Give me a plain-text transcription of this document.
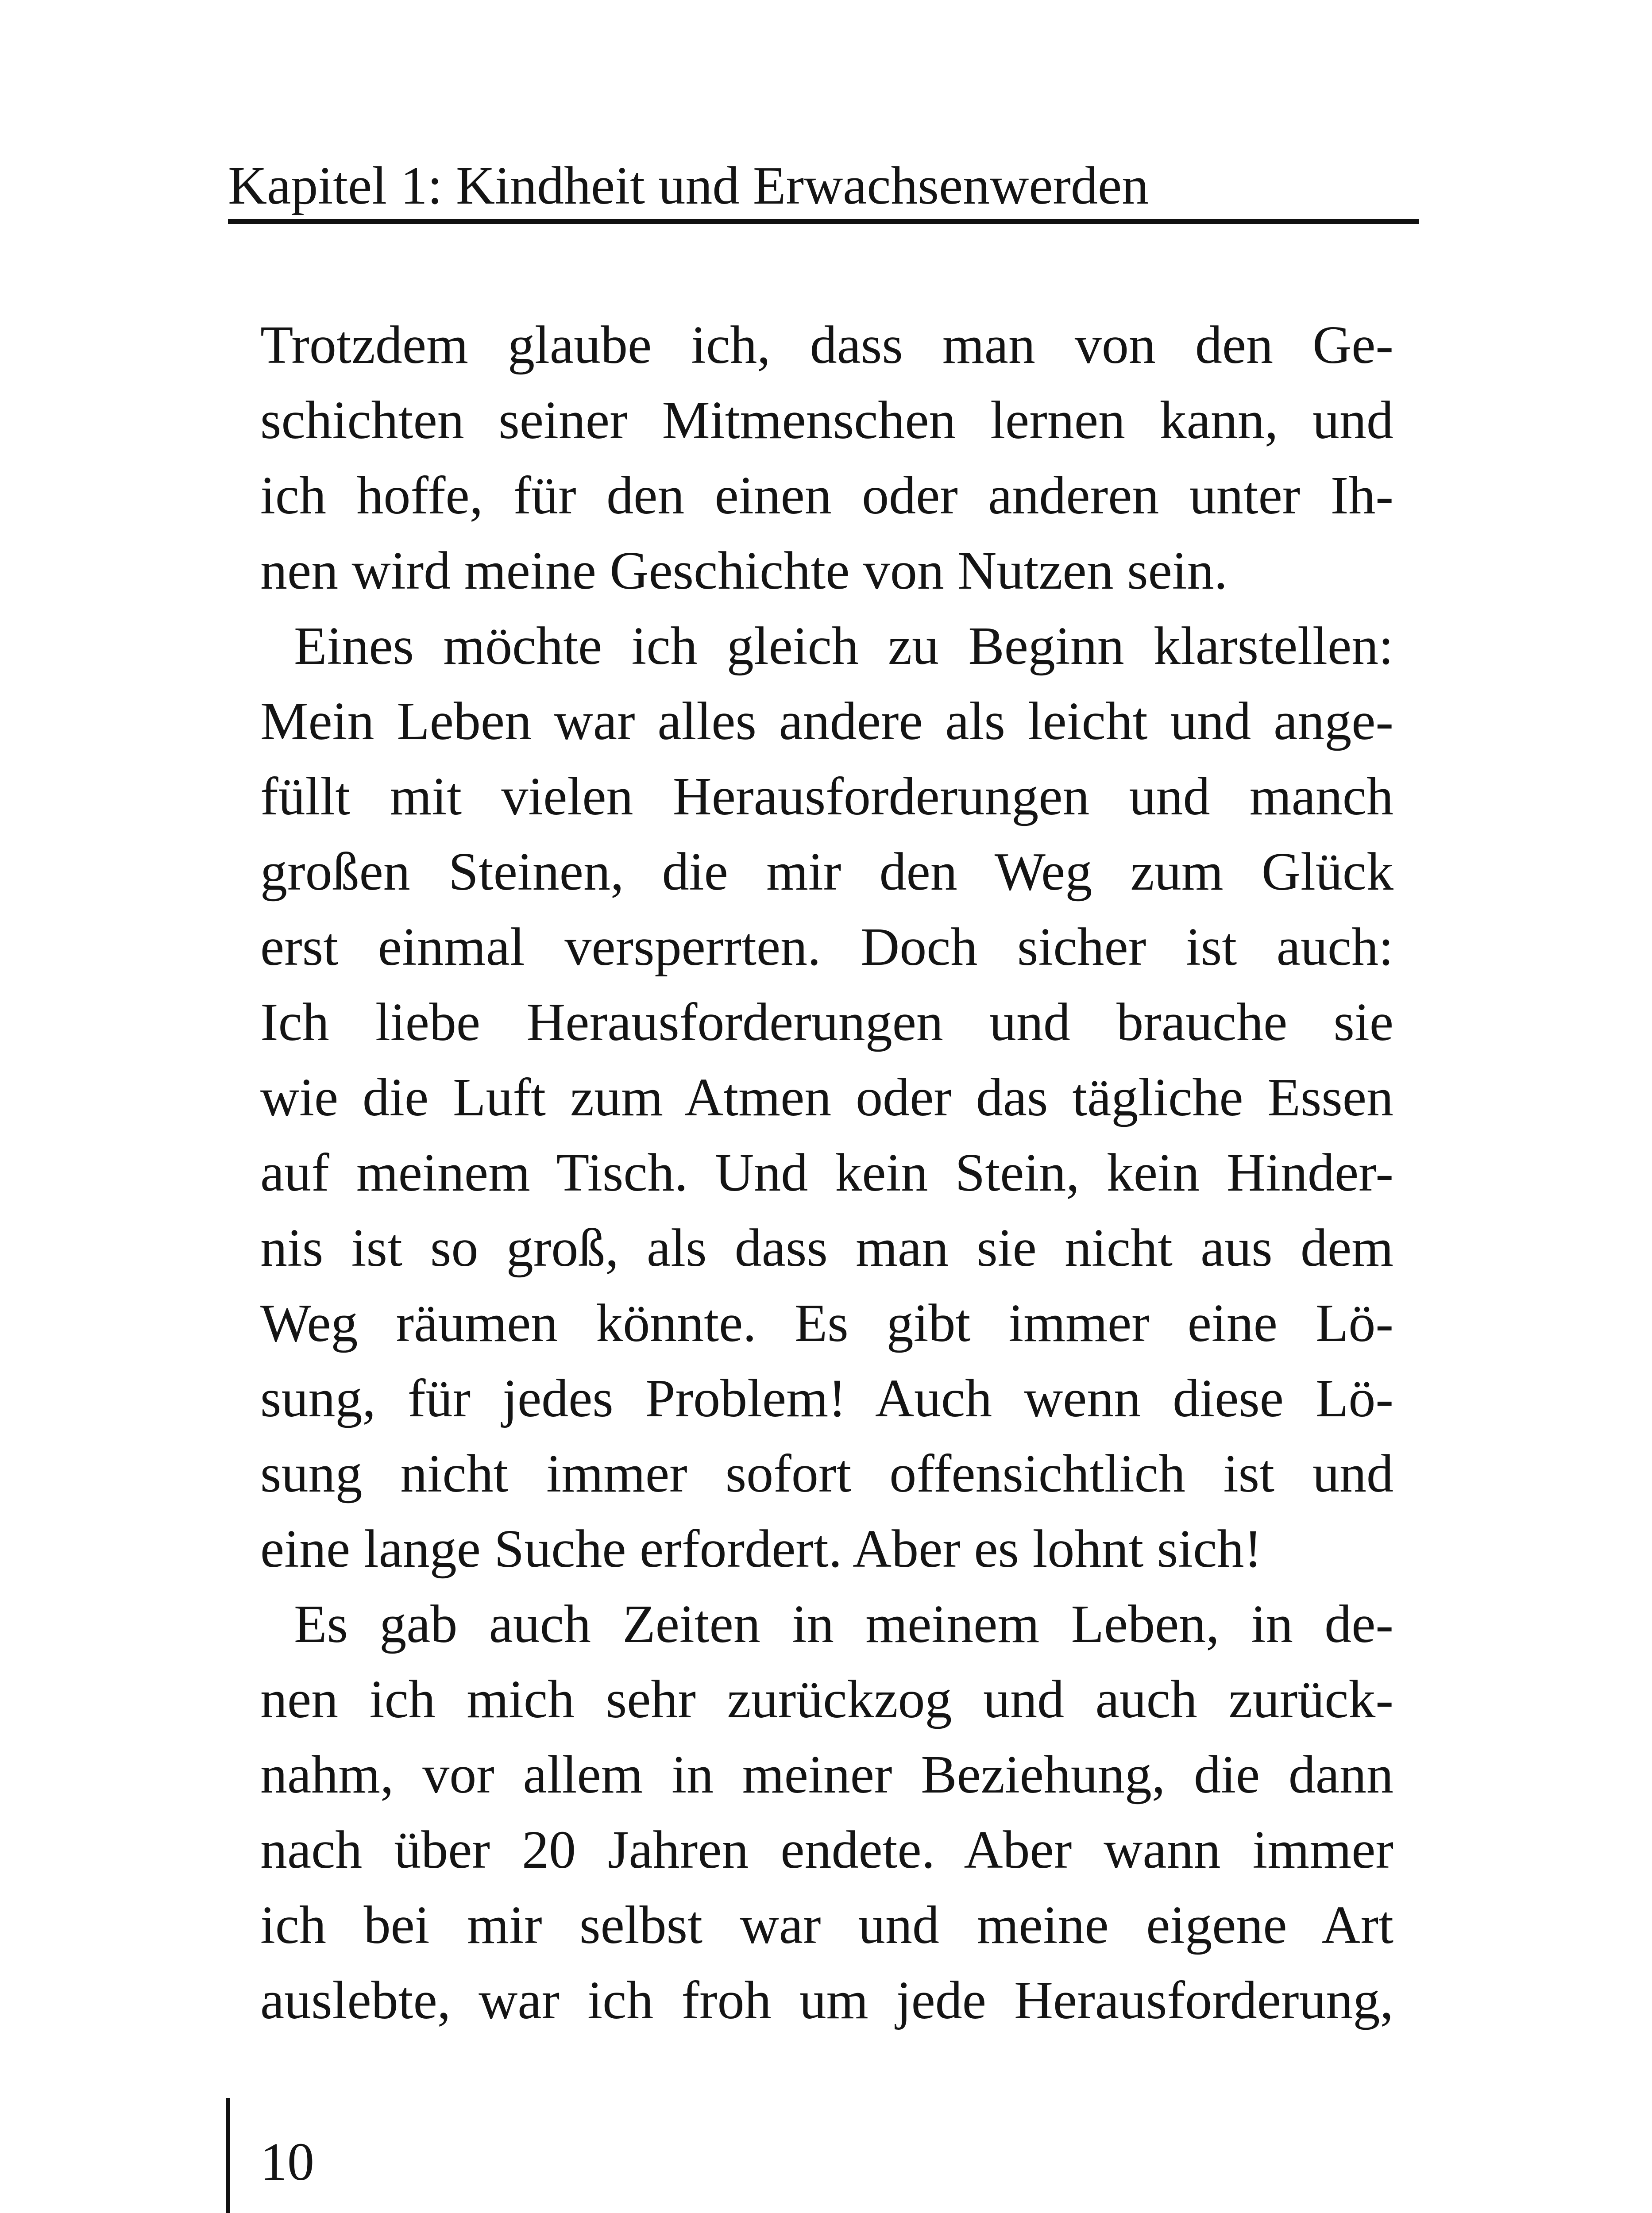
Kapitel 1: Kindheit und Erwachsenwerden
Trotzdem glaube ich, dass man von den Ge-
schichten seiner Mitmenschen lernen kann, und
ich hoffe, für den einen oder anderen unter Ih-
nen wird meine Geschichte von Nutzen sein.
Eines möchte ich gleich zu Beginn klarstellen:
Mein Leben war alles andere als leicht und ange-
füllt mit vielen Herausforderungen und manch
großen Steinen, die mir den Weg zum Glück
erst einmal versperrten. Doch sicher ist auch:
Ich liebe Herausforderungen und brauche sie
wie die Luft zum Atmen oder das tägliche Essen
auf meinem Tisch. Und kein Stein, kein Hinder-
nis ist so groß, als dass man sie nicht aus dem
Weg räumen könnte. Es gibt immer eine Lö-
sung, für jedes Problem! Auch wenn diese Lö-
sung nicht immer sofort offensichtlich ist und
eine lange Suche erfordert. Aber es lohnt sich!
Es gab auch Zeiten in meinem Leben, in de-
nen ich mich sehr zurückzog und auch zurück-
nahm, vor allem in meiner Beziehung, die dann
nach über 20 Jahren endete. Aber wann immer
ich bei mir selbst war und meine eigene Art
auslebte, war ich froh um jede Herausforderung,
10
